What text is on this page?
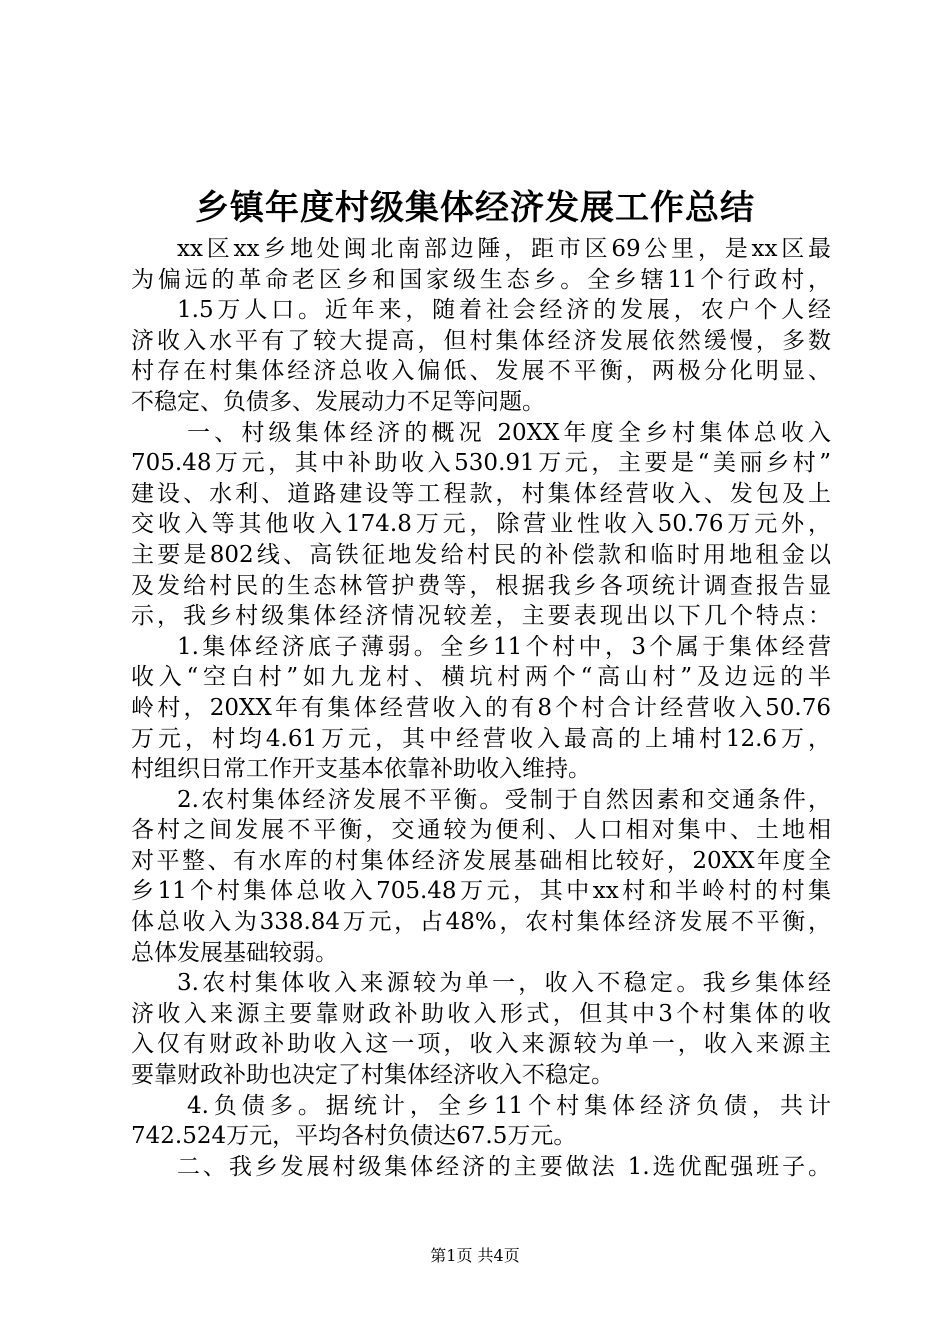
乡镇年度村级集体经济发展工作总结
xx区xx乡地处闽北南部边陲，距市区69公里，是xx区最
为偏远的革命老区乡和国家级生态乡。全乡辖11个行政村，
1.5万人口。近年来，随着社会经济的发展，农户个人经
济收入水平有了较大提高，但村集体经济发展依然缓慢，多数
村存在村集体经济总收入偏低、发展不平衡，两极分化明显、
不稳定、负债多、发展动力不足等问题。
一、村级集体经济的概况 20XX年度全乡村集体总收入
705.48万元，其中补助收入530.91万元，主要是“美丽乡村”
建设、水利、道路建设等工程款，村集体经营收入、发包及上
交收入等其他收入174.8万元，除营业性收入50.76万元外，
主要是802线、高铁征地发给村民的补偿款和临时用地租金以
及发给村民的生态林管护费等，根据我乡各项统计调查报告显
示，我乡村级集体经济情况较差，主要表现出以下几个特点：
1.集体经济底子薄弱。全乡11个村中，3个属于集体经营
收入“空白村”如九龙村、横坑村两个“高山村”及边远的半
岭村，20XX年有集体经营收入的有8个村合计经营收入50.76
万元，村均4.61万元，其中经营收入最高的上埔村12.6万，
村组织日常工作开支基本依靠补助收入维持。
2.农村集体经济发展不平衡。受制于自然因素和交通条件，
各村之间发展不平衡，交通较为便利、人口相对集中、土地相
对平整、有水库的村集体经济发展基础相比较好，20XX年度全
乡11个村集体总收入705.48万元，其中xx村和半岭村的村集
体总收入为338.84万元，占48%，农村集体经济发展不平衡，
总体发展基础较弱。
3.农村集体收入来源较为单一，收入不稳定。我乡集体经
济收入来源主要靠财政补助收入形式，但其中3个村集体的收
入仅有财政补助收入这一项，收入来源较为单一，收入来源主
要靠财政补助也决定了村集体经济收入不稳定。
4.负债多。据统计，全乡11个村集体经济负债，共计
742.524万元，平均各村负债达67.5万元。
二、我乡发展村级集体经济的主要做法 1.选优配强班子。
第1页 共4页
